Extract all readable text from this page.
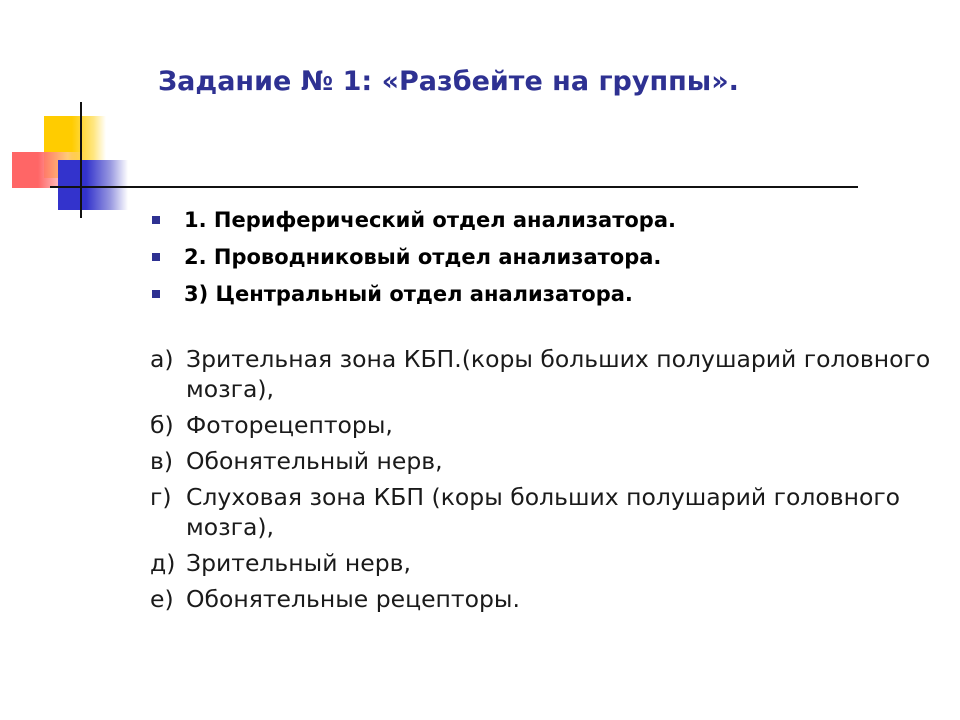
Задание № 1: «Разбейте на группы».
1. Периферический отдел анализатора.
2. Проводниковый отдел анализатора.
3) Центральный отдел анализатора.
а) Зрительная зона КБП.(коры больших полушарий головного мозга),
б) Фоторецепторы,
в) Обонятельный нерв,
г) Слуховая зона КБП (коры больших полушарий головного мозга),
д) Зрительный нерв,
е) Обонятельные рецепторы.
